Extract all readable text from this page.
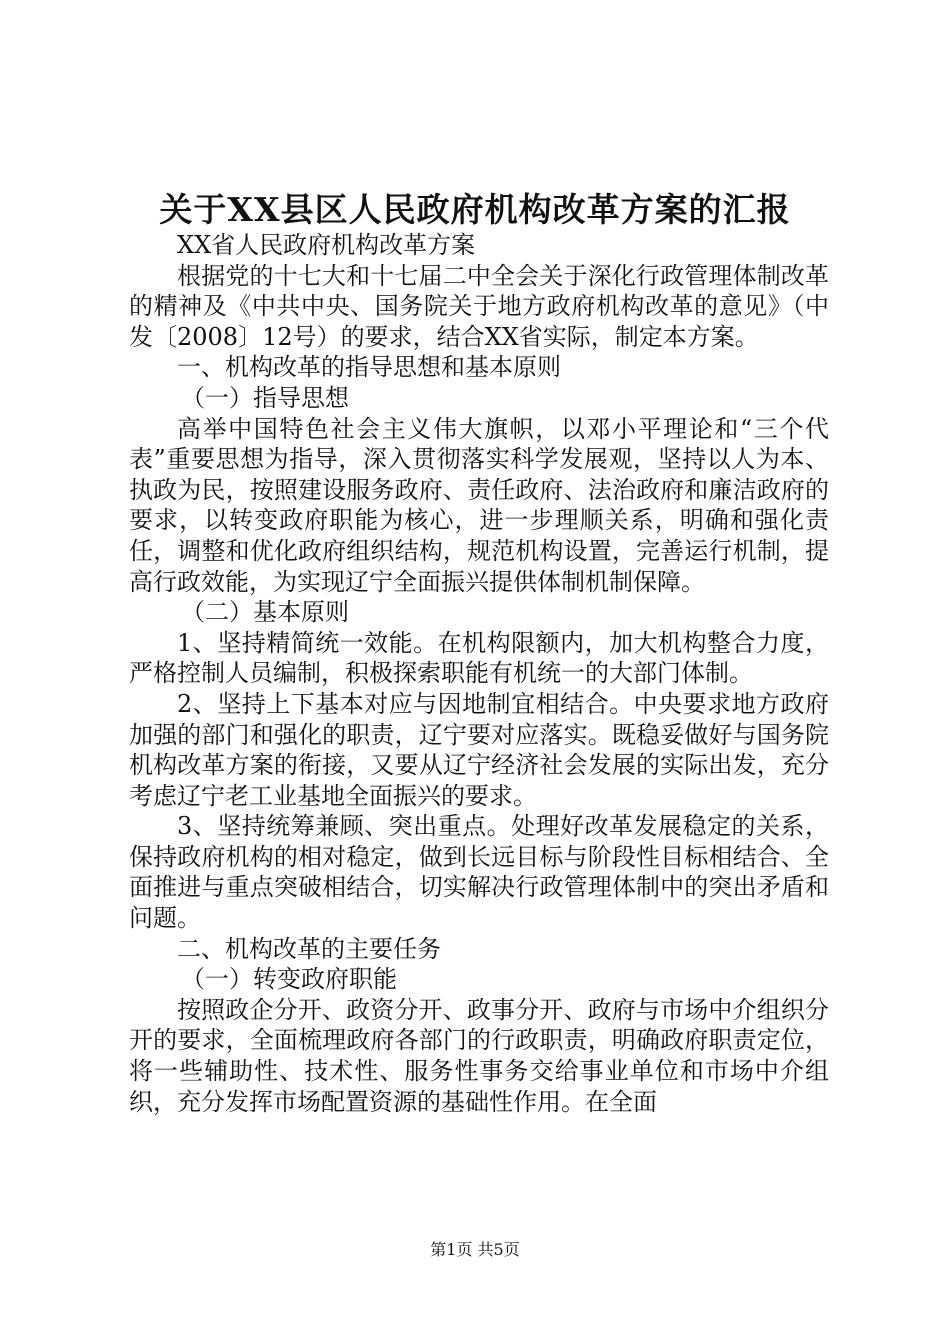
关于XX县区人民政府机构改革方案的汇报

XX省人民政府机构改革方案

根据党的十七大和十七届二中全会关于深化行政管理体制改革的精神及《中共中央、国务院关于地方政府机构改革的意见》（中发〔2008〕12号）的要求，结合XX省实际，制定本方案。

一、机构改革的指导思想和基本原则

（一）指导思想

高举中国特色社会主义伟大旗帜，以邓小平理论和“三个代表”重要思想为指导，深入贯彻落实科学发展观，坚持以人为本、执政为民，按照建设服务政府、责任政府、法治政府和廉洁政府的要求，以转变政府职能为核心，进一步理顺关系，明确和强化责任，调整和优化政府组织结构，规范机构设置，完善运行机制，提高行政效能，为实现辽宁全面振兴提供体制机制保障。

（二）基本原则

1、坚持精简统一效能。在机构限额内，加大机构整合力度，严格控制人员编制，积极探索职能有机统一的大部门体制。

2、坚持上下基本对应与因地制宜相结合。中央要求地方政府加强的部门和强化的职责，辽宁要对应落实。既稳妥做好与国务院机构改革方案的衔接，又要从辽宁经济社会发展的实际出发，充分考虑辽宁老工业基地全面振兴的要求。

3、坚持统筹兼顾、突出重点。处理好改革发展稳定的关系，保持政府机构的相对稳定，做到长远目标与阶段性目标相结合、全面推进与重点突破相结合，切实解决行政管理体制中的突出矛盾和问题。

二、机构改革的主要任务

（一）转变政府职能

按照政企分开、政资分开、政事分开、政府与市场中介组织分开的要求，全面梳理政府各部门的行政职责，明确政府职责定位，将一些辅助性、技术性、服务性事务交给事业单位和市场中介组织，充分发挥市场配置资源的基础性作用。在全面

第1页 共5页
